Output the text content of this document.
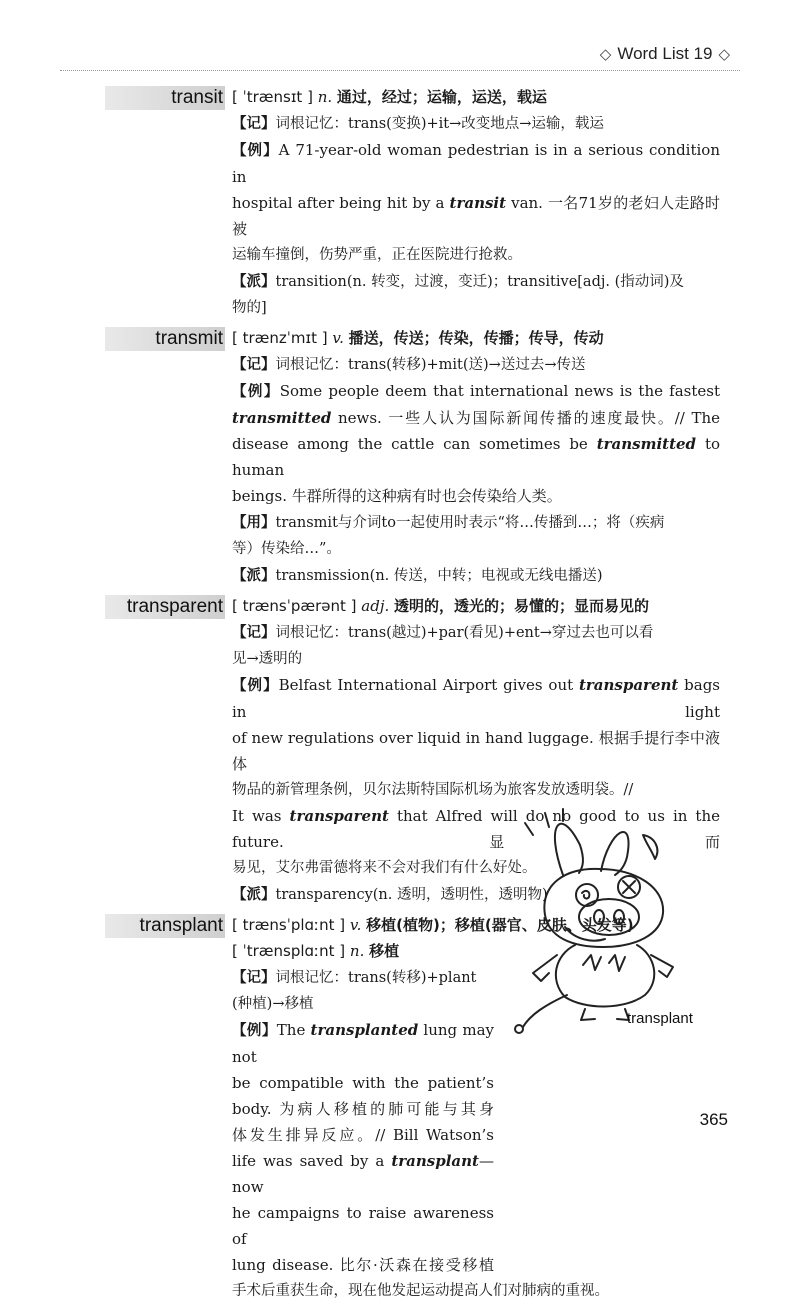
◇ Word List 19 ◇
transit [ ˈtrænsɪt ] n. 通过，经过；运输，运送，载运
【记】词根记忆：trans(变换)+it→改变地点→运输，载运
【例】A 71-year-old woman pedestrian is in a serious condition in
hospital after being hit by a transit van. 一名71岁的老妇人走路时被
运输车撞倒，伤势严重，正在医院进行抢救。
【派】transition(n. 转变，过渡，变迁)；transitive[adj. (指动词)及
物的]
transmit [ trænzˈmɪt ] v. 播送，传送；传染，传播；传导，传动
【记】词根记忆：trans(转移)+mit(送)→送过去→传送
【例】Some people deem that international news is the fastest
transmitted news. 一些人认为国际新闻传播的速度最快。// The
disease among the cattle can sometimes be transmitted to human
beings. 牛群所得的这种病有时也会传染给人类。
【用】transmit与介词to一起使用时表示“将…传播到…；将（疾病
等）传染给…”。
【派】transmission(n. 传送，中转；电视或无线电播送)
transparent [ trænsˈpærənt ] adj. 透明的，透光的；易懂的；显而易见的
【记】词根记忆：trans(越过)+par(看见)+ent→穿过去也可以看
见→透明的
【例】Belfast International Airport gives out transparent bags in light
of new regulations over liquid in hand luggage. 根据手提行李中液体
物品的新管理条例，贝尔法斯特国际机场为旅客发放透明袋。//
It was transparent that Alfred will do no good to us in the future. 显而
易见，艾尔弗雷德将来不会对我们有什么好处。
【派】transparency(n. 透明，透明性，透明物)
transplant [ trænsˈplɑːnt ] v. 移植(植物)；移植(器官、皮肤、头发等)
[ ˈtrænsplɑːnt ] n. 移植
【记】词根记忆：trans(转移)+plant
(种植)→移植
【例】The transplanted lung may not
be compatible with the patient’s
body. 为病人移植的肺可能与其身
体发生排异反应。// Bill Watson’s
life was saved by a transplant—now
he campaigns to raise awareness of
lung disease. 比尔·沃森在接受移植
手术后重获生命，现在他发起运动提高人们对肺病的重视。
transplant
365
